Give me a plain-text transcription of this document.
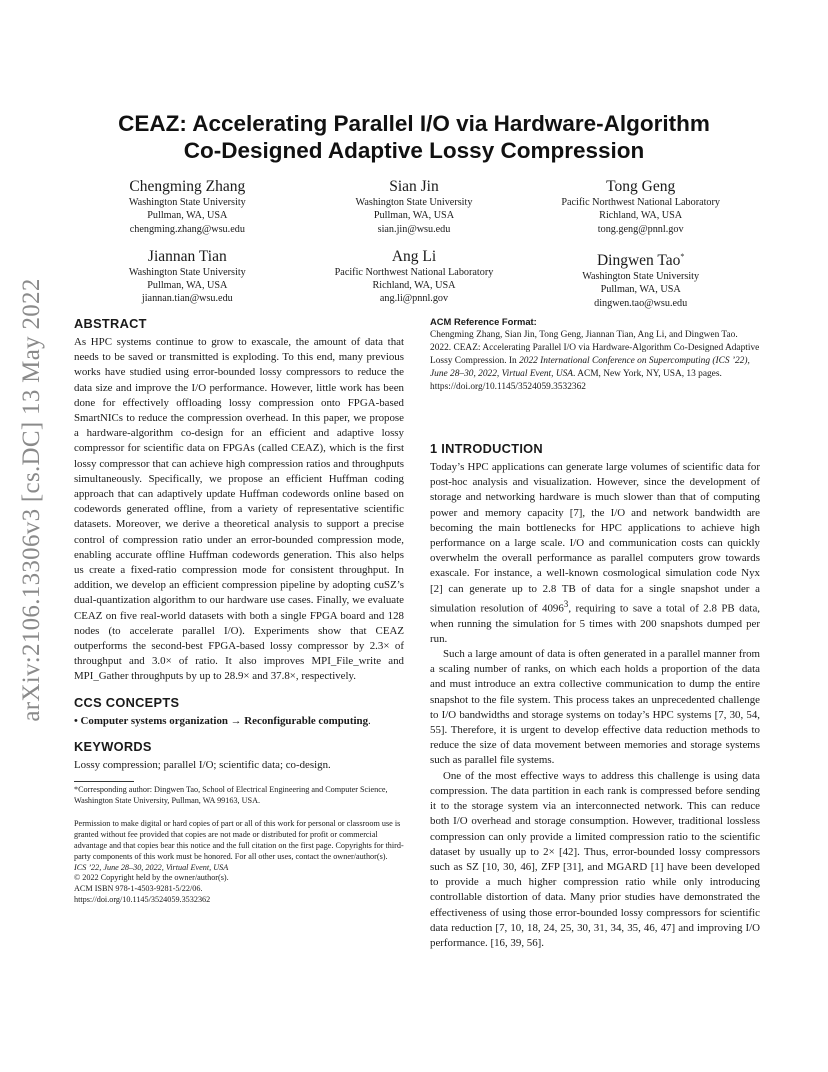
arXiv:2106.13306v3 [cs.DC] 13 May 2022
CEAZ: Accelerating Parallel I/O via Hardware-Algorithm
Co-Designed Adaptive Lossy Compression
Chengming Zhang
Washington State University
Pullman, WA, USA
chengming.zhang@wsu.edu
Sian Jin
Washington State University
Pullman, WA, USA
sian.jin@wsu.edu
Tong Geng
Pacific Northwest National Laboratory
Richland, WA, USA
tong.geng@pnnl.gov
Jiannan Tian
Washington State University
Pullman, WA, USA
jiannan.tian@wsu.edu
Ang Li
Pacific Northwest National Laboratory
Richland, WA, USA
ang.li@pnnl.gov
Dingwen Tao*
Washington State University
Pullman, WA, USA
dingwen.tao@wsu.edu
ABSTRACT

As HPC systems continue to grow to exascale, the amount of data that needs to be saved or transmitted is exploding. To this end, many previous works have studied using error-bounded lossy compressors to reduce the data size and improve the I/O performance. However, little work has been done for effectively offloading lossy compression onto FPGA-based SmartNICs to reduce the compression overhead. In this paper, we propose a hardware-algorithm co-design for an efficient and adaptive lossy compressor for scientific data on FPGAs (called CEAZ), which is the first lossy compressor that can achieve high compression ratios and throughputs simultaneously. Specifically, we propose an efficient Huffman coding approach that can adaptively update Huffman codewords online based on codewords generated offline, from a variety of representative scientific datasets. Moreover, we derive a theoretical analysis to support a precise control of compression ratio under an error-bounded compression mode, enabling accurate offline Huffman codewords generation. This also helps us create a fixed-ratio compression mode for consistent throughput. In addition, we develop an efficient compression pipeline by adopting cuSZ’s dual-quantization algorithm to our hardware use cases. Finally, we evaluate CEAZ on five real-world datasets with both a single FPGA board and 128 nodes (to accelerate parallel I/O). Experiments show that CEAZ outperforms the second-best FPGA-based lossy compressor by 2.3× of throughput and 3.0× of ratio. It also improves MPI_File_write and MPI_Gather throughputs by up to 28.9× and 37.8×, respectively.

CCS CONCEPTS

• Computer systems organization → Reconfigurable computing.

KEYWORDS

Lossy compression; parallel I/O; scientific data; co-design.

*Corresponding author: Dingwen Tao, School of Electrical Engineering and Computer Science, Washington State University, Pullman, WA 99163, USA.
Permission to make digital or hard copies of part or all of this work for personal or classroom use is granted without fee provided that copies are not made or distributed for profit or commercial advantage and that copies bear this notice and the full citation on the first page. Copyrights for third-party components of this work must be honored. For all other uses, contact the owner/author(s).
ICS ’22, June 28–30, 2022, Virtual Event, USA
© 2022 Copyright held by the owner/author(s).
ACM ISBN 978-1-4503-9281-5/22/06.
https://doi.org/10.1145/3524059.3532362
ACM Reference Format:
Chengming Zhang, Sian Jin, Tong Geng, Jiannan Tian, Ang Li, and Dingwen Tao. 2022. CEAZ: Accelerating Parallel I/O via Hardware-Algorithm Co-Designed Adaptive Lossy Compression. In 2022 International Conference on Supercomputing (ICS ’22), June 28–30, 2022, Virtual Event, USA. ACM, New York, NY, USA, 13 pages. https://doi.org/10.1145/3524059.3532362
1 INTRODUCTION

Today’s HPC applications can generate large volumes of scientific data for post-hoc analysis and visualization. However, since the development of storage and networking hardware is much slower than that of computing power and memory capacity [7], the I/O and network bandwidth are becoming the main bottlenecks for HPC applications to achieve high performance on a large scale. I/O and communication costs can quickly overwhelm the overall performance as parallel computers grow towards exascale. For instance, a well-known cosmological simulation code Nyx [2] can generate up to 2.8 TB of data for a single snapshot under a simulation resolution of 4096$^3$, requiring to save a total of 2.8 PB data, when running the simulation for 5 times with 200 snapshots dumped per run.

Such a large amount of data is often generated in a parallel manner from a scaling number of ranks, on which each holds a proportion of the data and must introduce an extra collective communication to dump the entire snapshot to the file system. This process takes an unprecedented challenge to I/O bandwidths and storage systems on today’s HPC systems [7, 30, 54, 55]. Therefore, it is urgent to develop effective data reduction methods to reduce the size of data movement between memories and storage systems such as parallel file systems.

One of the most effective ways to address this challenge is using data compression. The data partition in each rank is compressed before sending it to the storage system via an interconnected network. This can reduce both I/O overhead and storage consumption. However, traditional lossless compression can only provide a limited compression ratio to the scientific dataset by usually up to 2× [42]. Thus, error-bounded lossy compressors such as SZ [10, 30, 46], ZFP [31], and MGARD [1] have been developed to provide a much higher compression ratio while only introducing controllable distortion of data. Many prior studies have demonstrated the effectiveness of using those error-bounded lossy compressors for scientific data reduction [7, 10, 18, 24, 25, 30, 31, 34, 35, 46, 47] and improving I/O performance. [16, 39, 56].
